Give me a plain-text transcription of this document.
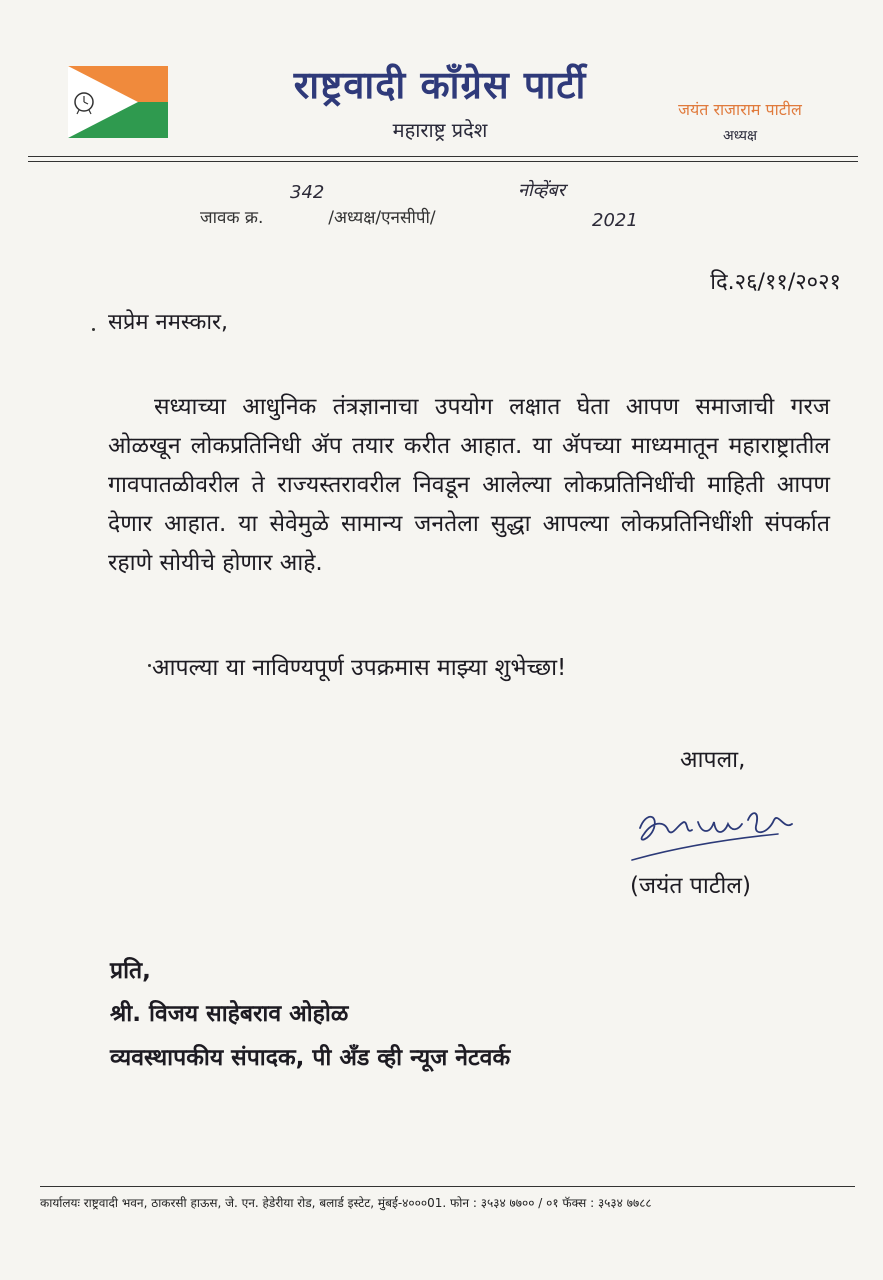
राष्ट्रवादी काँग्रेस पार्टी
महाराष्ट्र प्रदेश
जयंत राजाराम पाटील
अध्यक्ष
जावक क्र.	/अध्यक्ष/एनसीपी/
342	नोव्हेंबर
2021
दि.२६/११/२०२१
सप्रेम नमस्कार,
सध्याच्या आधुनिक तंत्रज्ञानाचा उपयोग लक्षात घेता आपण समाजाची गरज ओळखून लोकप्रतिनिधी ॲप तयार करीत आहात. या ॲपच्या माध्यमातून महाराष्ट्रातील गावपातळीवरील ते राज्यस्तरावरील निवडून आलेल्या लोकप्रतिनिधींची माहिती आपण देणार आहात. या सेवेमुळे सामान्य जनतेला सुद्धा आपल्या लोकप्रतिनिधींशी संपर्कात रहाणे सोयीचे होणार आहे.
आपल्या या नाविण्यपूर्ण उपक्रमास माझ्या शुभेच्छा!
आपला,
(जयंत पाटील)
प्रति,
श्री. विजय साहेबराव ओहोळ
व्यवस्थापकीय संपादक, पी अँड व्ही न्यूज नेटवर्क
कार्यालयः राष्ट्रवादी भवन, ठाकरसी हाऊस, जे. एन. हेडेरीया रोड, बलार्ड इस्टेट, मुंबई-४०००01. फोन : ३५३४ ७७०० / ०१ फॅक्स : ३५३४ ७७८८
